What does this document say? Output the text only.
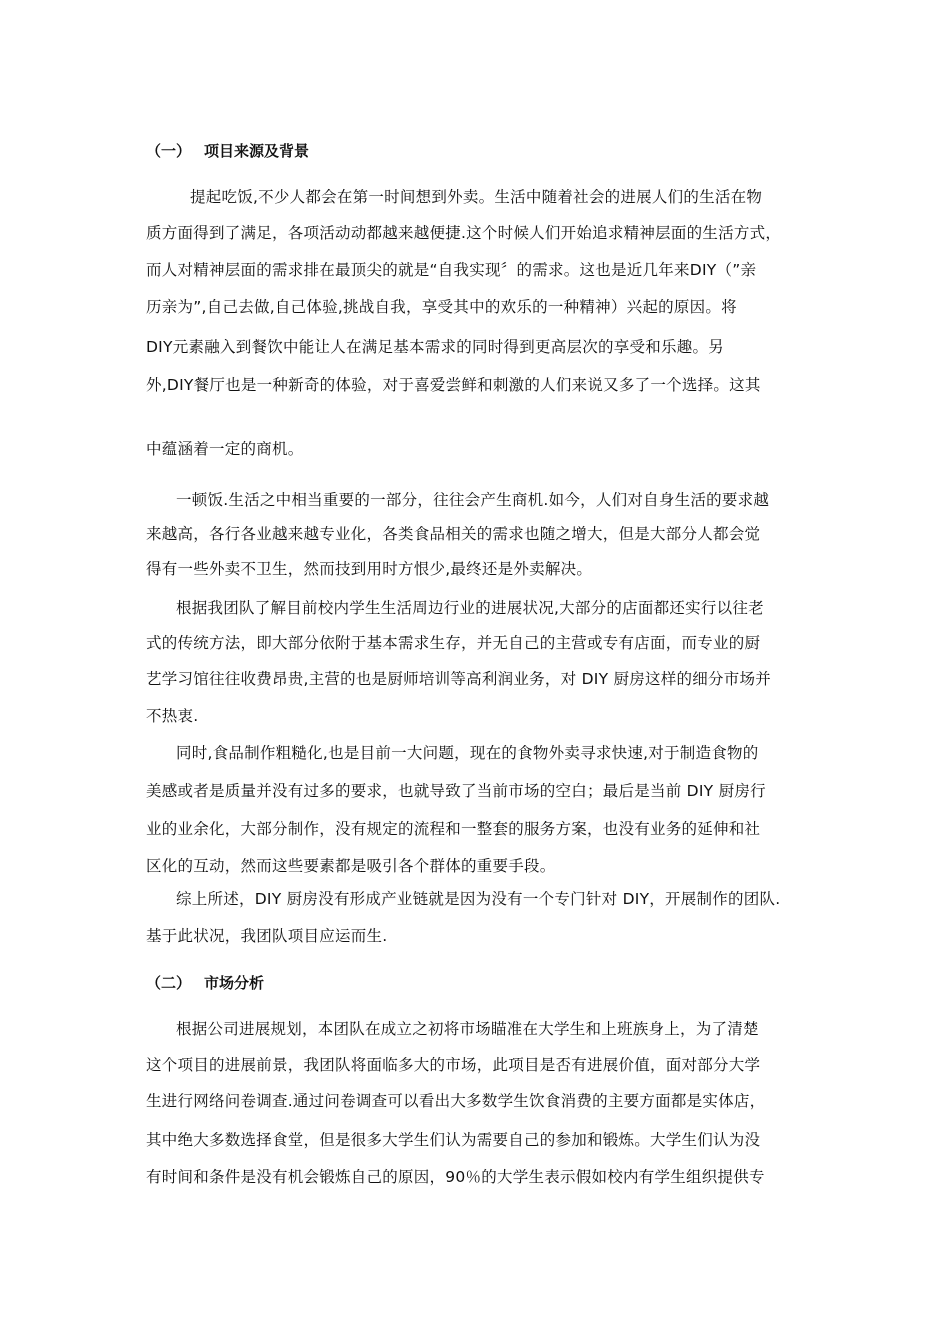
（一） 项目来源及背景
提起吃饭,不少人都会在第一时间想到外卖。生活中随着社会的进展人们的生活在物
质方面得到了满足，各项活动动都越来越便捷.这个时候人们开始追求精神层面的生活方式，
而人对精神层面的需求排在最顶尖的就是“自我实现〞的需求。这也是近几年来DIY（”亲
历亲为”,自己去做,自己体验,挑战自我，享受其中的欢乐的一种精神）兴起的原因。将
DIY元素融入到餐饮中能让人在满足基本需求的同时得到更高层次的享受和乐趣。另
外,DIY餐厅也是一种新奇的体验，对于喜爱尝鲜和刺激的人们来说又多了一个选择。这其
中蕴涵着一定的商机。
一顿饭.生活之中相当重要的一部分，往往会产生商机.如今，人们对自身生活的要求越
来越高，各行各业越来越专业化，各类食品相关的需求也随之增大，但是大部分人都会觉
得有一些外卖不卫生，然而技到用时方恨少,最终还是外卖解决。
根据我团队了解目前校内学生生活周边行业的进展状况,大部分的店面都还实行以往老
式的传统方法，即大部分依附于基本需求生存，并无自己的主营或专有店面，而专业的厨
艺学习馆往往收费昂贵,主营的也是厨师培训等高利润业务，对 DIY 厨房这样的细分市场并
不热衷.
同时,食品制作粗糙化,也是目前一大问题，现在的食物外卖寻求快速,对于制造食物的
美感或者是质量并没有过多的要求，也就导致了当前市场的空白；最后是当前 DIY 厨房行
业的业余化，大部分制作，没有规定的流程和一整套的服务方案，也没有业务的延伸和社
区化的互动，然而这些要素都是吸引各个群体的重要手段。
综上所述，DIY 厨房没有形成产业链就是因为没有一个专门针对 DIY，开展制作的团队.
基于此状况，我团队项目应运而生.
（二） 市场分析
根据公司进展规划，本团队在成立之初将市场瞄准在大学生和上班族身上，为了清楚
这个项目的进展前景，我团队将面临多大的市场，此项目是否有进展价值，面对部分大学
生进行网络问卷调查.通过问卷调查可以看出大多数学生饮食消费的主要方面都是实体店，
其中绝大多数选择食堂，但是很多大学生们认为需要自己的参加和锻炼。大学生们认为没
有时间和条件是没有机会锻炼自己的原因，90％的大学生表示假如校内有学生组织提供专
